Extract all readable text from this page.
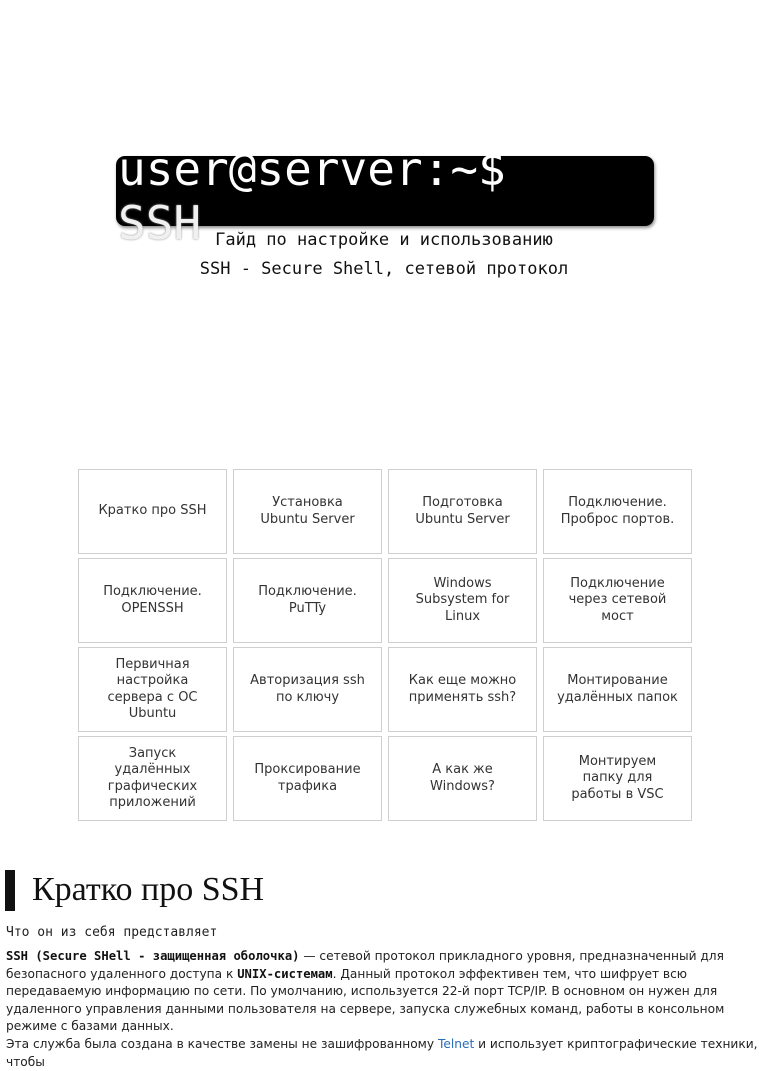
user@server:~$
SSH Гайд по настройке и использованию
SSH - Secure Shell, сетевой протокол
Кратко про SSH
Установка
Ubuntu Server
Подготовка
Ubuntu Server
Подключение.
Проброс портов.
Подключение.
OPENSSH
Подключение.
PuTTy
Windows
Subsystem for
Linux
Подключение
через сетевой
мост
Первичная
настройка
сервера с ОС
Ubuntu
Авторизация ssh
по ключу
Как еще можно
применять ssh?
Монтирование
удалённых папок
Запуск
удалённых
графических
приложений
Проксирование
трафика
А как же
Windows?
Монтируем
папку для
работы в VSC
Кратко про SSH
Что он из себя представляет
SSH (Secure SHell - защищенная оболочка) — сетевой протокол прикладного уровня, предназначенный для безопасного удаленного доступа к UNIX-системам. Данный протокол эффективен тем, что шифрует всю передаваемую информацию по сети. По умолчанию, используется 22-й порт TCP/IP. В основном он нужен для удаленного управления данными пользователя на сервере, запуска служебных команд, работы в консольном режиме с базами данных.
Эта служба была создана в качестве замены не зашифрованному Telnet и использует криптографические техники, чтобы
